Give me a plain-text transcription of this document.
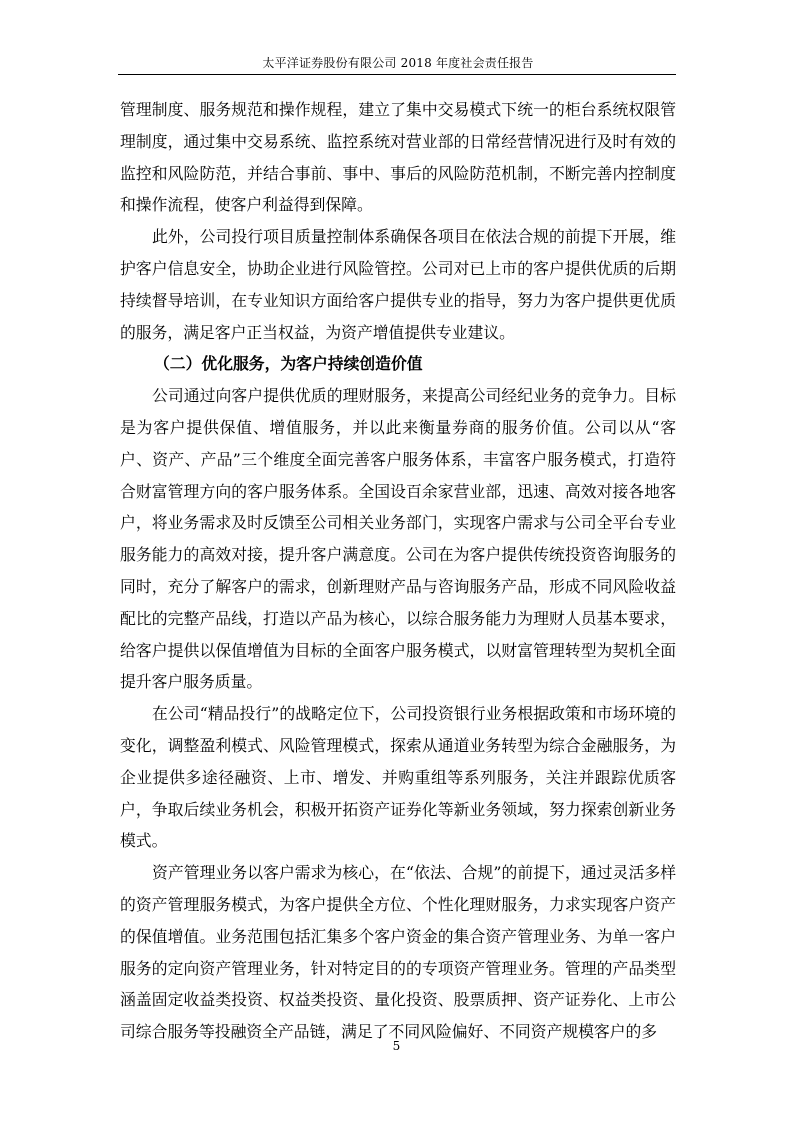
太平洋证券股份有限公司 2018 年度社会责任报告

管理制度、服务规范和操作规程，建立了集中交易模式下统一的柜台系统权限管理制度，通过集中交易系统、监控系统对营业部的日常经营情况进行及时有效的监控和风险防范，并结合事前、事中、事后的风险防范机制，不断完善内控制度和操作流程，使客户利益得到保障。

此外，公司投行项目质量控制体系确保各项目在依法合规的前提下开展，维护客户信息安全，协助企业进行风险管控。公司对已上市的客户提供优质的后期持续督导培训，在专业知识方面给客户提供专业的指导，努力为客户提供更优质的服务，满足客户正当权益，为资产增值提供专业建议。

（二）优化服务，为客户持续创造价值

公司通过向客户提供优质的理财服务，来提高公司经纪业务的竞争力。目标是为客户提供保值、增值服务，并以此来衡量券商的服务价值。公司以从“客户、资产、产品”三个维度全面完善客户服务体系，丰富客户服务模式，打造符合财富管理方向的客户服务体系。全国设百余家营业部，迅速、高效对接各地客户，将业务需求及时反馈至公司相关业务部门，实现客户需求与公司全平台专业服务能力的高效对接，提升客户满意度。公司在为客户提供传统投资咨询服务的同时，充分了解客户的需求，创新理财产品与咨询服务产品，形成不同风险收益配比的完整产品线，打造以产品为核心，以综合服务能力为理财人员基本要求，给客户提供以保值增值为目标的全面客户服务模式，以财富管理转型为契机全面提升客户服务质量。

在公司“精品投行”的战略定位下，公司投资银行业务根据政策和市场环境的变化，调整盈利模式、风险管理模式，探索从通道业务转型为综合金融服务，为企业提供多途径融资、上市、增发、并购重组等系列服务，关注并跟踪优质客户，争取后续业务机会，积极开拓资产证券化等新业务领域，努力探索创新业务模式。

资产管理业务以客户需求为核心，在“依法、合规”的前提下，通过灵活多样的资产管理服务模式，为客户提供全方位、个性化理财服务，力求实现客户资产的保值增值。业务范围包括汇集多个客户资金的集合资产管理业务、为单一客户服务的定向资产管理业务，针对特定目的的专项资产管理业务。管理的产品类型涵盖固定收益类投资、权益类投资、量化投资、股票质押、资产证券化、上市公司综合服务等投融资全产品链，满足了不同风险偏好、不同资产规模客户的多

5
